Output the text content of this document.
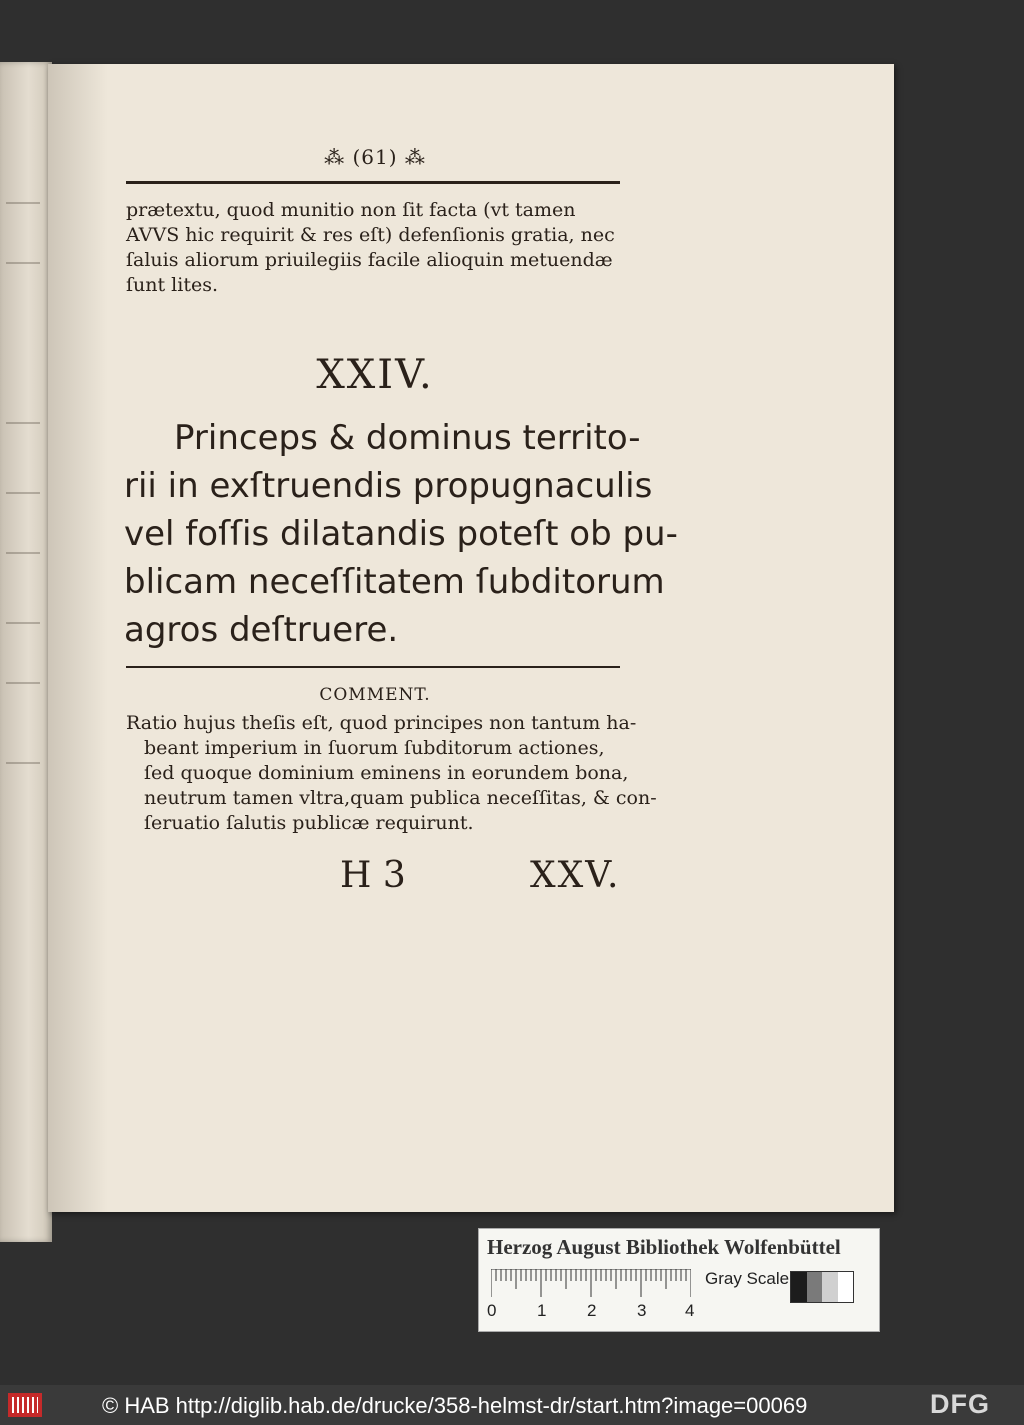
⁂ (61) ⁂
prætextu, quod munitio non ſit facta (vt tamen
AVVS hic requirit & res eſt) defenſionis gratia, nec
ſaluis aliorum priuilegiis facile alioquin metuendæ
ſunt lites.
XXIV.
Princeps & dominus territo-
rii in exſtruendis propugnaculis
vel foſſis dilatandis poteſt ob pu-
blicam neceſſitatem ſubditorum
agros deſtruere.
COMMENT.
Ratio hujus theſis eſt, quod principes non tantum ha-
beant imperium in ſuorum ſubditorum actiones,
ſed quoque dominium eminens in eorundem bona,
neutrum tamen vltra,quam publica neceſſitas, & con-
ſeruatio ſalutis publicæ requirunt.
H 3	XXV.
Herzog August Bibliothek Wolfenbüttel
0 1 2 3 4
Gray Scale
© HAB http://diglib.hab.de/drucke/358-helmst-dr/start.htm?image=00069	DFG
